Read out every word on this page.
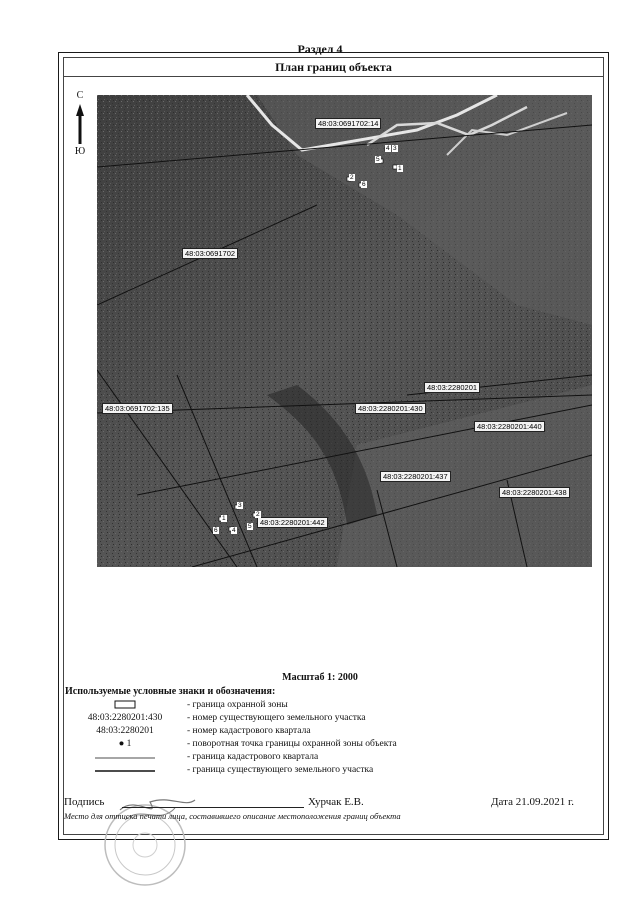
Раздел 4
План границ объекта
С
Ю
48:03:0691702:14
48:03:0691702
48:03:2280201
48:03:0691702:135	48:03:2280201:430
48:03:2280201:440
48:03:2280201:437
48:03:2280201:438
48:03:2280201:442
4 3
5
1
2
6
3
2
1
4
5
6
Масштаб 1: 2000
Используемые условные знаки и обозначения:
- граница охранной зоны
48:03:2280201:430	- номер существующего земельного участка
48:03:2280201	- номер кадастрового квартала
● 1	- поворотная точка границы охранной зоны объекта
- граница кадастрового квартала
- граница существующего земельного участка
Подпись	Хурчак Е.В.	Дата 21.09.2021 г.
Место для оттиска печати лица, составившего описание местоположения границ объекта
